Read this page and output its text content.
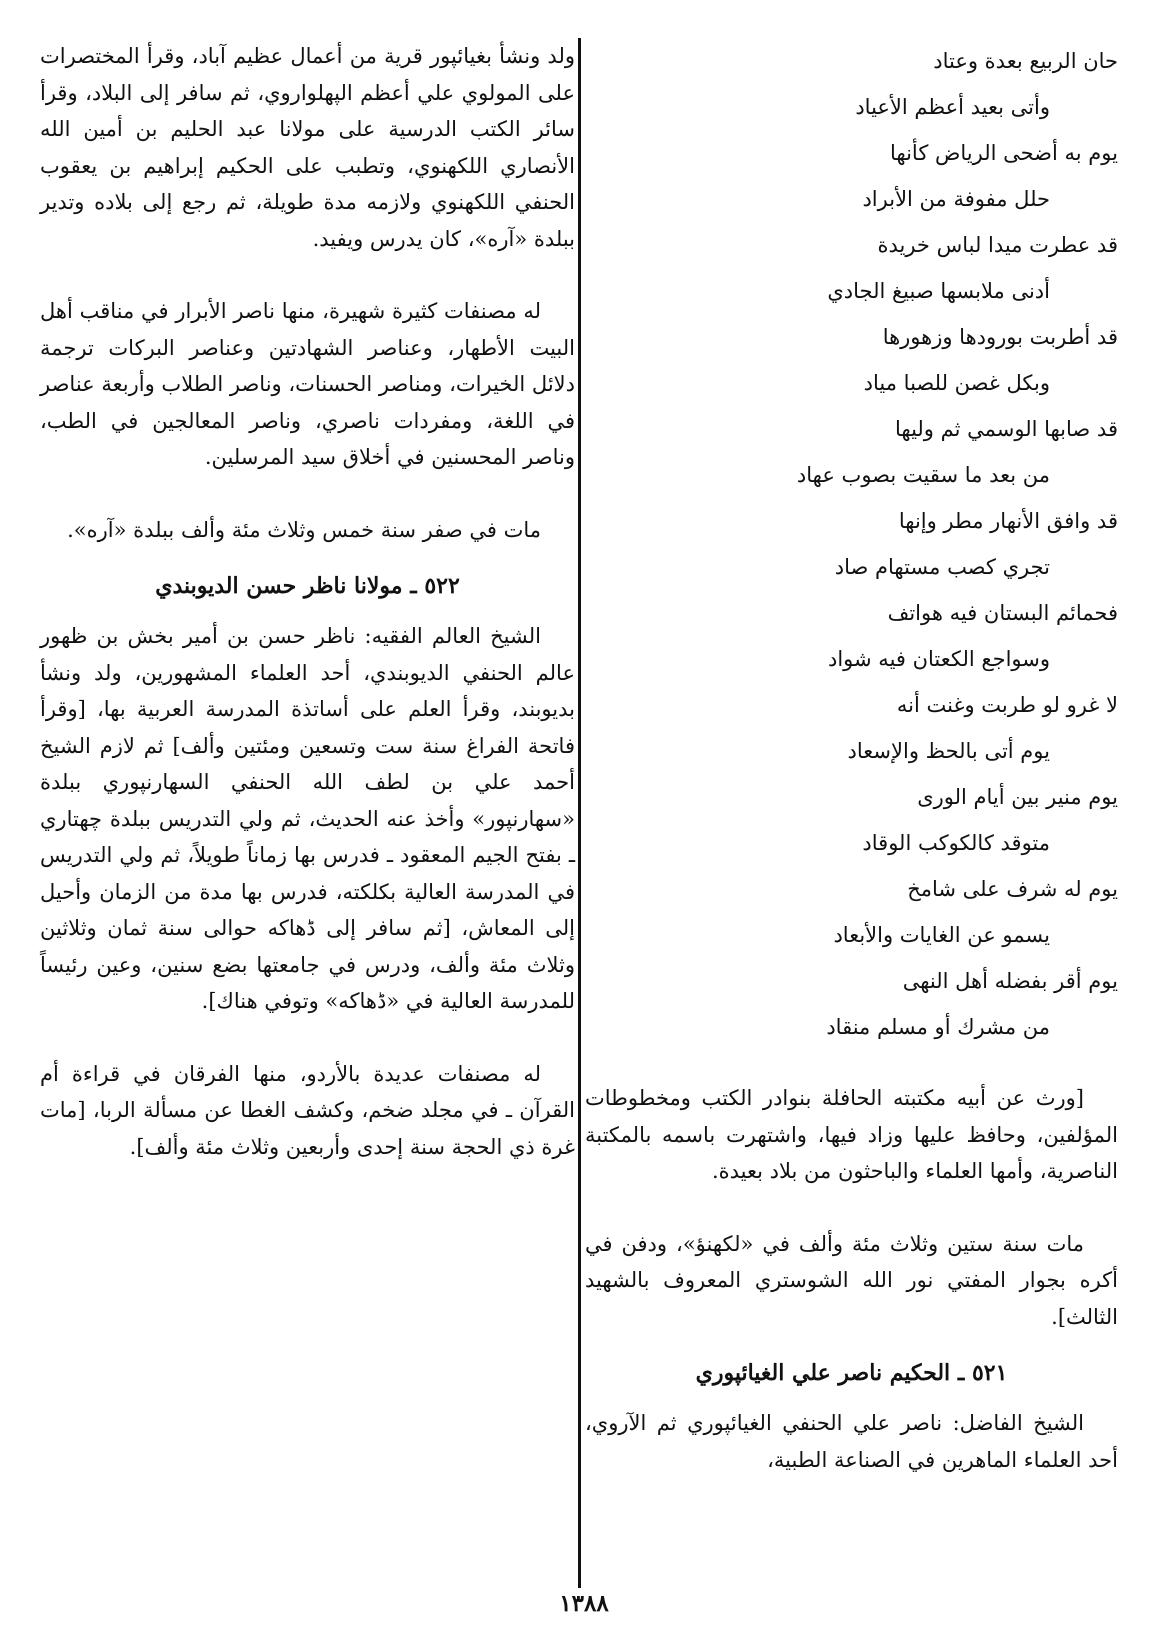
حان الربيع بعدة وعتاد
وأتى بعيد أعظم الأعياد
يوم به أضحى الرياض كأنها
حلل مفوفة من الأبراد
قد عطرت ميدا لباس خريدة
أدنى ملابسها صبيغ الجادي
قد أطربت بورودها وزهورها
وبكل غصن للصبا مياد
قد صابها الوسمي ثم وليها
من بعد ما سقيت بصوب عهاد
قد وافق الأنهار مطر وإنها
تجري كصب مستهام صاد
فحمائم البستان فيه هواتف
وسواجع الكعتان فيه شواد
لا غرو لو طربت وغنت أنه
يوم أتى بالحظ والإسعاد
يوم منير بين أيام الورى
متوقد كالكوكب الوقاد
يوم له شرف على شامخ
يسمو عن الغايات والأبعاد
يوم أقر بفضله أهل النهى
من مشرك أو مسلم منقاد

[ورث عن أبيه مكتبته الحافلة بنوادر الكتب ومخطوطات المؤلفين، وحافظ عليها وزاد فيها، واشتهرت باسمه بالمكتبة الناصرية، وأمها العلماء والباحثون من بلاد بعيدة.

مات سنة ستين وثلاث مئة وألف في «لكهنؤ»، ودفن في أكره بجوار المفتي نور الله الشوستري المعروف بالشهيد الثالث].

٥٢١ ـ الحكيم ناصر علي الغيائپوري

الشيخ الفاضل: ناصر علي الحنفي الغيائپوري ثم الآروي، أحد العلماء الماهرين في الصناعة الطبية،

ولد ونشأ بغيائپور قرية من أعمال عظيم آباد، وقرأ المختصرات على المولوي علي أعظم الپهلواروي، ثم سافر إلى البلاد، وقرأ سائر الكتب الدرسية على مولانا عبد الحليم بن أمين الله الأنصاري اللكهنوي، وتطبب على الحكيم إبراهيم بن يعقوب الحنفي اللكهنوي ولازمه مدة طويلة، ثم رجع إلى بلاده وتدير ببلدة «آره»، كان يدرس ويفيد.

له مصنفات كثيرة شهيرة، منها ناصر الأبرار في مناقب أهل البيت الأطهار، وعناصر الشهادتين وعناصر البركات ترجمة دلائل الخيرات، ومناصر الحسنات، وناصر الطلاب وأربعة عناصر في اللغة، ومفردات ناصري، وناصر المعالجين في الطب، وناصر المحسنين في أخلاق سيد المرسلين.

مات في صفر سنة خمس وثلاث مئة وألف ببلدة «آره».

٥٢٢ ـ مولانا ناظر حسن الديوبندي

الشيخ العالم الفقيه: ناظر حسن بن أمير بخش بن ظهور عالم الحنفي الديوبندي، أحد العلماء المشهورين، ولد ونشأ بديوبند، وقرأ العلم على أساتذة المدرسة العربية بها، [وقرأ فاتحة الفراغ سنة ست وتسعين ومئتين وألف] ثم لازم الشيخ أحمد علي بن لطف الله الحنفي السهارنپوري ببلدة «سهارنپور» وأخذ عنه الحديث، ثم ولي التدريس ببلدة چهتاري ـ بفتح الجيم المعقود ـ فدرس بها زماناً طويلاً، ثم ولي التدريس في المدرسة العالية بكلكته، فدرس بها مدة من الزمان وأحيل إلى المعاش، [ثم سافر إلى ڈهاكه حوالى سنة ثمان وثلاثين وثلاث مئة وألف، ودرس في جامعتها بضع سنين، وعين رئيساً للمدرسة العالية في «ڈهاكه» وتوفي هناك].

له مصنفات عديدة بالأردو، منها الفرقان في قراءة أم القرآن ـ في مجلد ضخم، وكشف الغطا عن مسألة الربا، [مات غرة ذي الحجة سنة إحدى وأربعين وثلاث مئة وألف].

١٣٨٨
